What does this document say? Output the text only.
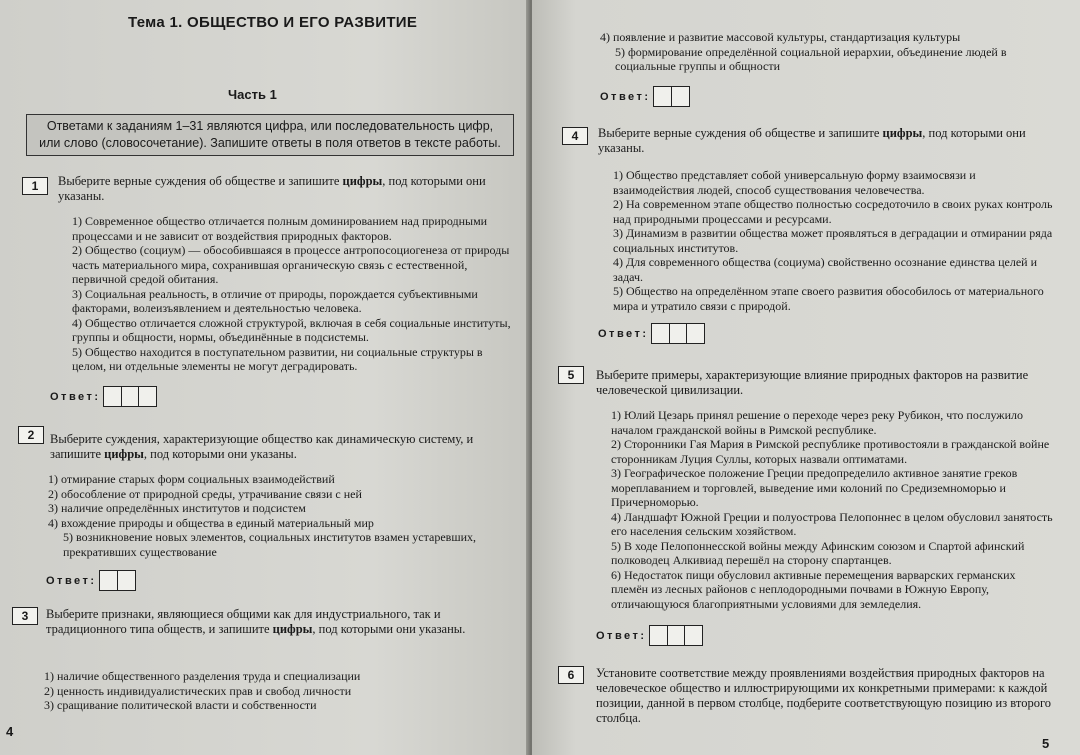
Тема 1. ОБЩЕСТВО И ЕГО РАЗВИТИЕ
Часть 1
Ответами к заданиям 1–31 являются цифра, или последовательность цифр,
или слово (словосочетание). Запишите ответы в поля ответов в тексте работы.
1	Выберите верные суждения об обществе и запишите цифры, под которыми они указаны.
1) Современное общество отличается полным доминированием над природными процессами и не зависит от воздействия природных факторов.
2) Общество (социум) — обособившаяся в процессе антропосоциогенеза от природы часть материального мира, сохранившая органическую связь с естественной, первичной средой обитания.
3) Социальная реальность, в отличие от природы, порождается субъективными факторами, волеизъявлением и деятельностью человека.
4) Общество отличается сложной структурой, включая в себя социальные институты, группы и общности, нормы, объединённые в подсистемы.
5) Общество находится в поступательном развитии, ни социальные структуры в целом, ни отдельные элементы не могут деградировать.
Ответ:
2	Выберите суждения, характеризующие общество как динамическую систему, и запишите цифры, под которыми они указаны.
1) отмирание старых форм социальных взаимодействий
2) обособление от природной среды, утрачивание связи с ней
3) наличие определённых институтов и подсистем
4) вхождение природы и общества в единый материальный мир
5) возникновение новых элементов, социальных институтов взамен устаревших, прекративших существование
Ответ:
3	Выберите признаки, являющиеся общими как для индустриального, так и традиционного типа обществ, и запишите цифры, под которыми они указаны.
1) наличие общественного разделения труда и специализации
2) ценность индивидуалистических прав и свобод личности
3) сращивание политической власти и собственности
4
4) появление и развитие массовой культуры, стандартизация культуры
5) формирование определённой социальной иерархии, объединение людей в социальные группы и общности
Ответ:
4	Выберите верные суждения об обществе и запишите цифры, под которыми они указаны.
1) Общество представляет собой универсальную форму взаимосвязи и взаимодействия людей, способ существования человечества.
2) На современном этапе общество полностью сосредоточило в своих руках контроль над природными процессами и ресурсами.
3) Динамизм в развитии общества может проявляться в деградации и отмирании ряда социальных институтов.
4) Для современного общества (социума) свойственно осознание единства целей и задач.
5) Общество на определённом этапе своего развития обособилось от материального мира и утратило связи с природой.
Ответ:
5	Выберите примеры, характеризующие влияние природных факторов на развитие человеческой цивилизации.
1) Юлий Цезарь принял решение о переходе через реку Рубикон, что послужило началом гражданской войны в Римской республике.
2) Сторонники Гая Мария в Римской республике противостояли в гражданской войне сторонникам Луция Суллы, которых назвали оптиматами.
3) Географическое положение Греции предопределило активное занятие греков мореплаванием и торговлей, выведение ими колоний по Средиземноморью и Причерноморью.
4) Ландшафт Южной Греции и полуострова Пелопоннес в целом обусловил занятость его населения сельским хозяйством.
5) В ходе Пелопоннесской войны между Афинским союзом и Спартой афинский полководец Алкивиад перешёл на сторону спартанцев.
6) Недостаток пищи обусловил активные перемещения варварских германских племён из лесных районов с неплодородными почвами в Южную Европу, отличающуюся благоприятными условиями для земледелия.
Ответ:
6	Установите соответствие между проявлениями воздействия природных факторов на человеческое общество и иллюстрирующими их конкретными примерами: к каждой позиции, данной в первом столбце, подберите соответствующую позицию из второго столбца.
5
